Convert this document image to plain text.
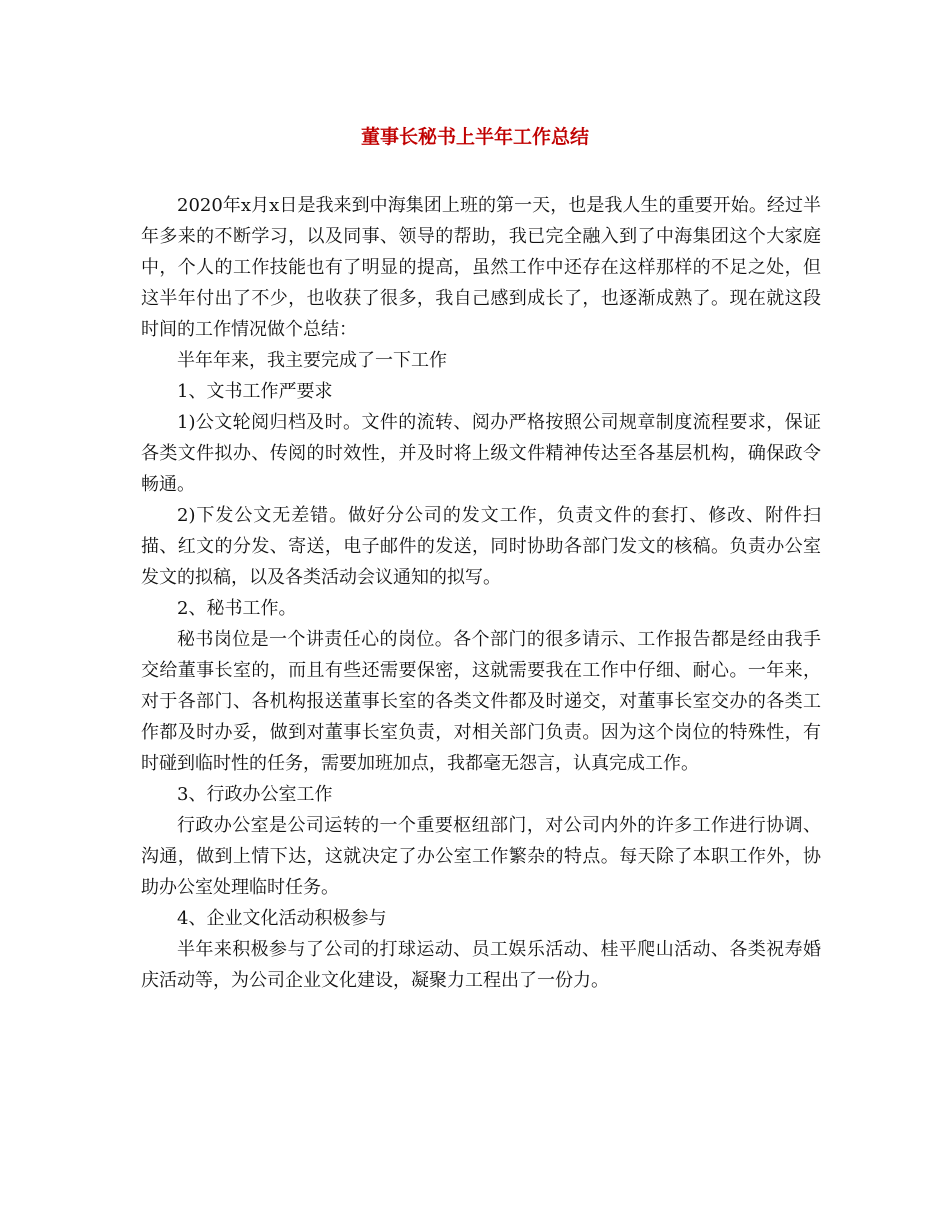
董事长秘书上半年工作总结

2020年x月x日是我来到中海集团上班的第一天，也是我人生的重要开始。经过半年多来的不断学习，以及同事、领导的帮助，我已完全融入到了中海集团这个大家庭中，个人的工作技能也有了明显的提高，虽然工作中还存在这样那样的不足之处，但这半年付出了不少，也收获了很多，我自己感到成长了，也逐渐成熟了。现在就这段时间的工作情况做个总结：

半年年来，我主要完成了一下工作

1、文书工作严要求

1)公文轮阅归档及时。文件的流转、阅办严格按照公司规章制度流程要求，保证各类文件拟办、传阅的时效性，并及时将上级文件精神传达至各基层机构，确保政令畅通。

2)下发公文无差错。做好分公司的发文工作，负责文件的套打、修改、附件扫描、红文的分发、寄送，电子邮件的发送，同时协助各部门发文的核稿。负责办公室发文的拟稿，以及各类活动会议通知的拟写。

2、秘书工作。

秘书岗位是一个讲责任心的岗位。各个部门的很多请示、工作报告都是经由我手交给董事长室的，而且有些还需要保密，这就需要我在工作中仔细、耐心。一年来，对于各部门、各机构报送董事长室的各类文件都及时递交，对董事长室交办的各类工作都及时办妥，做到对董事长室负责，对相关部门负责。因为这个岗位的特殊性，有时碰到临时性的任务，需要加班加点，我都毫无怨言，认真完成工作。

3、行政办公室工作

行政办公室是公司运转的一个重要枢纽部门，对公司内外的许多工作进行协调、沟通，做到上情下达，这就决定了办公室工作繁杂的特点。每天除了本职工作外，协助办公室处理临时任务。

4、企业文化活动积极参与

半年来积极参与了公司的打球运动、员工娱乐活动、桂平爬山活动、各类祝寿婚庆活动等，为公司企业文化建设，凝聚力工程出了一份力。
